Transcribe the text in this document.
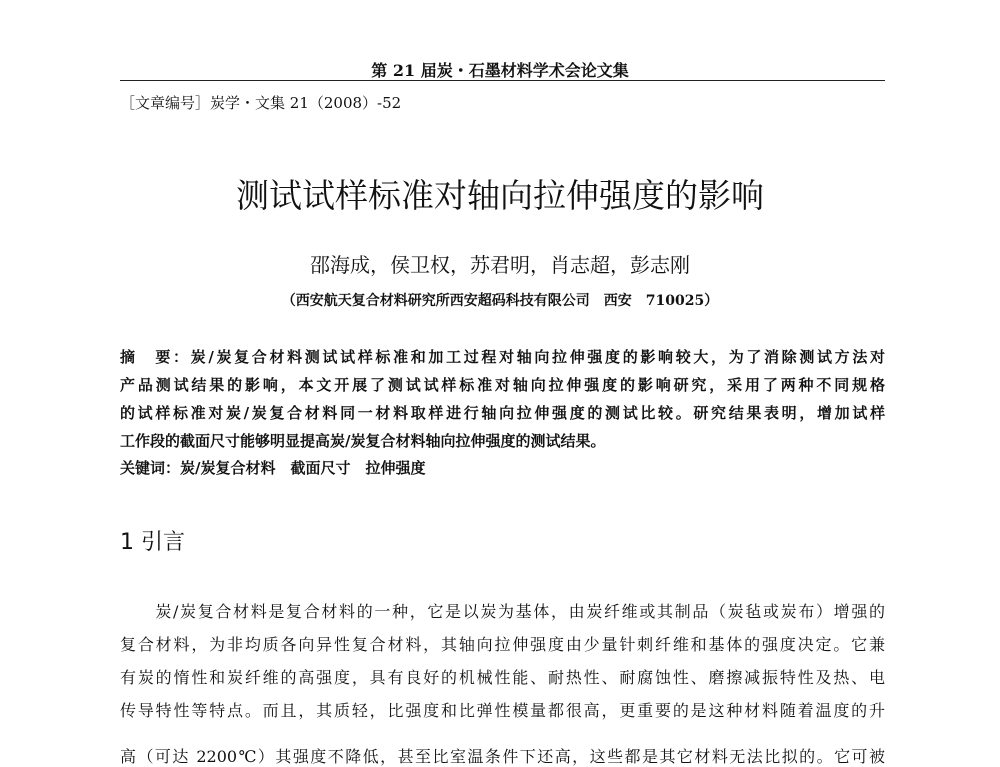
第 21 届炭・石墨材料学术会论文集
［文章编号］炭学・文集 21（2008）-52
测试试样标准对轴向拉伸强度的影响
邵海成，侯卫权，苏君明，肖志超，彭志刚
（西安航天复合材料研究所西安超码科技有限公司　西安　710025）
摘　要：炭/炭复合材料测试试样标准和加工过程对轴向拉伸强度的影响较大，为了消除测试方法对
产品测试结果的影响，本文开展了测试试样标准对轴向拉伸强度的影响研究，采用了两种不同规格
的试样标准对炭/炭复合材料同一材料取样进行轴向拉伸强度的测试比较。研究结果表明，增加试样
工作段的截面尺寸能够明显提高炭/炭复合材料轴向拉伸强度的测试结果。
关键词：炭/炭复合材料　截面尺寸　拉伸强度
1 引言
　　炭/炭复合材料是复合材料的一种，它是以炭为基体，由炭纤维或其制品（炭毡或炭布）增强的
复合材料，为非均质各向异性复合材料，其轴向拉伸强度由少量针刺纤维和基体的强度决定。它兼
有炭的惰性和炭纤维的高强度，具有良好的机械性能、耐热性、耐腐蚀性、磨擦减振特性及热、电
传导特性等特点。而且，其质轻，比强度和比弹性模量都很高，更重要的是这种材料随着温度的升
高（可达 2200℃）其强度不降低，甚至比室温条件下还高，这些都是其它材料无法比拟的。它可被
